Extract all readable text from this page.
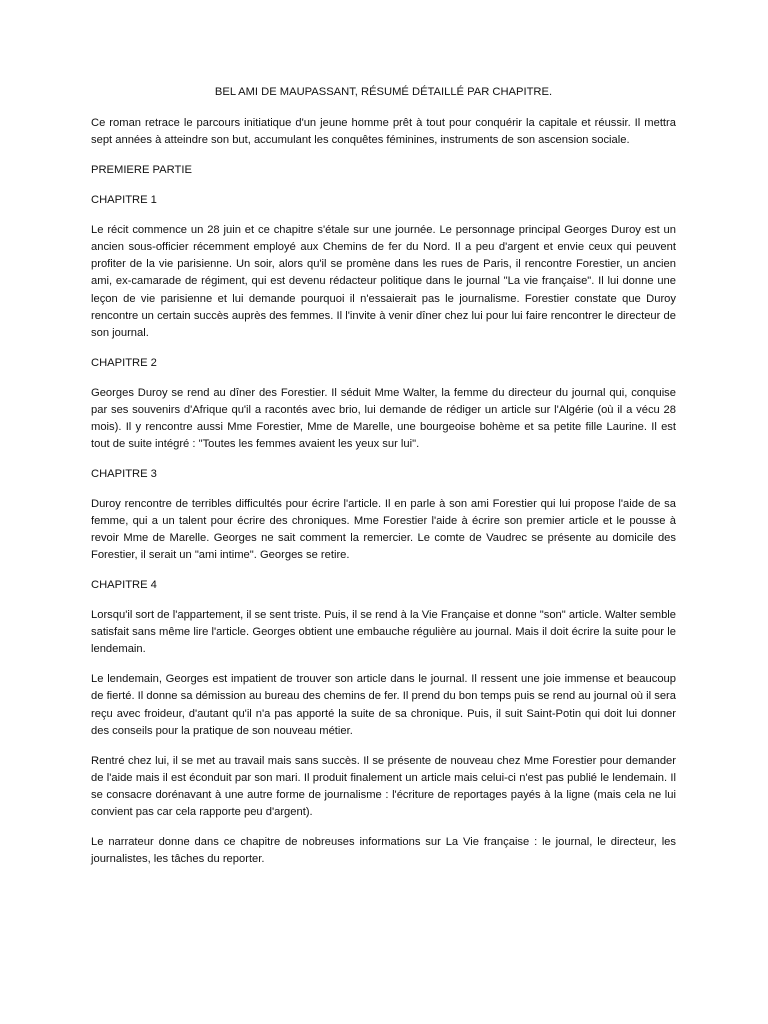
BEL AMI DE MAUPASSANT, RÉSUMÉ DÉTAILLÉ PAR CHAPITRE.

Ce roman retrace le parcours initiatique d'un jeune homme prêt à tout pour conquérir la capitale et réussir. Il mettra sept années à atteindre son but, accumulant les conquêtes féminines, instruments de son ascension sociale.

PREMIERE PARTIE

CHAPITRE 1

Le récit commence un 28 juin et ce chapitre s'étale sur une journée. Le personnage principal Georges Duroy est un ancien sous-officier récemment employé aux Chemins de fer du Nord. Il a peu d'argent et envie ceux qui peuvent profiter de la vie parisienne. Un soir, alors qu'il se promène dans les rues de Paris, il rencontre Forestier, un ancien ami, ex-camarade de régiment, qui est devenu rédacteur politique dans le journal "La vie française". Il lui donne une leçon de vie parisienne et lui demande pourquoi il n'essaierait pas le journalisme. Forestier constate que Duroy rencontre un certain succès auprès des femmes. Il l'invite à venir dîner chez lui pour lui faire rencontrer le directeur de son journal.

CHAPITRE 2

Georges Duroy se rend au dîner des Forestier. Il séduit Mme Walter, la femme du directeur du journal qui, conquise par ses souvenirs d'Afrique qu'il a racontés avec brio, lui demande de rédiger un article sur l'Algérie (où il a vécu 28 mois). Il y rencontre aussi Mme Forestier, Mme de Marelle, une bourgeoise bohème et sa petite fille Laurine. Il est tout de suite intégré : "Toutes les femmes avaient les yeux sur lui".

CHAPITRE 3

Duroy rencontre de terribles difficultés pour écrire l'article. Il en parle à son ami Forestier qui lui propose l'aide de sa femme, qui a un talent pour écrire des chroniques. Mme Forestier l'aide à écrire son premier article et le pousse à revoir Mme de Marelle. Georges ne sait comment la remercier. Le comte de Vaudrec se présente au domicile des Forestier, il serait un "ami intime". Georges se retire.

CHAPITRE 4

Lorsqu'il sort de l'appartement, il se sent triste. Puis, il se rend à la Vie Française et donne "son" article. Walter semble satisfait sans même lire l'article. Georges obtient une embauche régulière au journal. Mais il doit écrire la suite pour le lendemain.

Le lendemain, Georges est impatient de trouver son article dans le journal. Il ressent une joie immense et beaucoup de fierté. Il donne sa démission au bureau des chemins de fer. Il prend du bon temps puis se rend au journal où il sera reçu avec froideur, d'autant qu'il n'a pas apporté la suite de sa chronique. Puis, il suit Saint-Potin qui doit lui donner des conseils pour la pratique de son nouveau métier.

Rentré chez lui, il se met au travail mais sans succès. Il se présente de nouveau chez Mme Forestier pour demander de l'aide mais il est éconduit par son mari. Il produit finalement un article mais celui-ci n'est pas publié le lendemain. Il se consacre dorénavant à une autre forme de journalisme : l'écriture de reportages payés à la ligne (mais cela ne lui convient pas car cela rapporte peu d'argent).

Le narrateur donne dans ce chapitre de nobreuses informations sur La Vie française : le journal, le directeur, les journalistes, les tâches du reporter.
